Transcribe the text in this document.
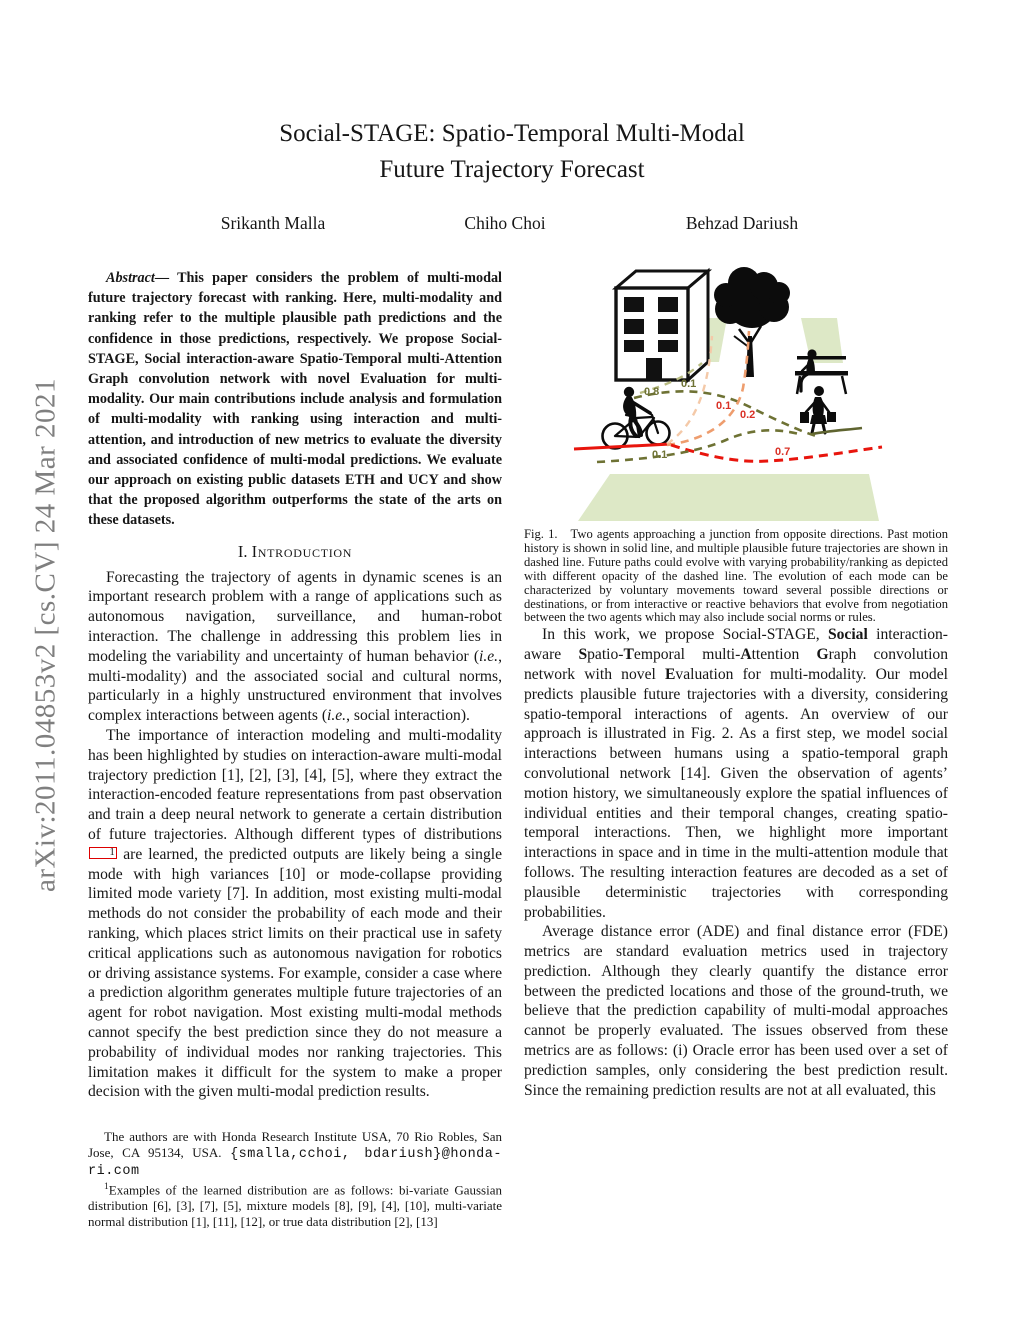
arXiv:2011.04853v2 [cs.CV] 24 Mar 2021
Social-STAGE: Spatio-Temporal Multi-Modal
Future Trajectory Forecast
Srikanth Malla	Chiho Choi	Behzad Dariush

Abstract— This paper considers the problem of multi-modal future trajectory forecast with ranking. Here, multi-modality and ranking refer to the multiple plausible path predictions and the confidence in those predictions, respectively. We propose Social-STAGE, Social interaction-aware Spatio-Temporal multi-Attention Graph convolution network with novel Evaluation for multi-modality. Our main contributions include analysis and formulation of multi-modality with ranking using interaction and multi-attention, and introduction of new metrics to evaluate the diversity and associated confidence of multi-modal predictions. We evaluate our approach on existing public datasets ETH and UCY and show that the proposed algorithm outperforms the state of the arts on these datasets.

I. Introduction

Forecasting the trajectory of agents in dynamic scenes is an important research problem with a range of applications such as autonomous navigation, surveillance, and human-robot interaction. The challenge in addressing this problem lies in modeling the variability and uncertainty of human behavior (i.e., multi-modality) and the associated social and cultural norms, particularly in a highly unstructured environment that involves complex interactions between agents (i.e., social interaction).

The importance of interaction modeling and multi-modality has been highlighted by studies on interaction-aware multi-modal trajectory prediction [1], [2], [3], [4], [5], where they extract the interaction-encoded feature representations from past observation and train a deep neural network to generate a certain distribution of future trajectories. Although different types of distributions1 are learned, the predicted outputs are likely being a single mode with high variances [10] or mode-collapse providing limited mode variety [7]. In addition, most existing multi-modal methods do not consider the probability of each mode and their ranking, which places strict limits on their practical use in safety critical applications such as autonomous navigation for robotics or driving assistance systems. For example, consider a case where a prediction algorithm generates multiple future trajectories of an agent for robot navigation. Most existing multi-modal methods cannot specify the best prediction since they do not measure a probability of individual modes nor ranking trajectories. This limitation makes it difficult for the system to make a proper decision with the given multi-modal prediction results.

The authors are with Honda Research Institute USA, 70 Rio Robles, San Jose, CA 95134, USA. {smalla,cchoi, bdariush}@honda-ri.com

$^1$Examples of the learned distribution are as follows: bi-variate Gaussian distribution [6], [3], [7], [5], mixture models [8], [9], [4], [10], multi-variate normal distribution [1], [11], [12], or true data distribution [2], [13]

0.8
0.1
0.1
0.2
0.1	0.7

Fig. 1. Two agents approaching a junction from opposite directions. Past motion history is shown in solid line, and multiple plausible future trajectories are shown in dashed line. Future paths could evolve with varying probability/ranking as depicted with different opacity of the dashed line. The evolution of each mode can be characterized by voluntary movements toward several possible directions or destinations, or from interactive or reactive behaviors that evolve from negotiation between the two agents which may also include social norms or rules.

In this work, we propose Social-STAGE, Social interaction-aware Spatio-Temporal multi-Attention Graph convolution network with novel Evaluation for multi-modality. Our model predicts plausible future trajectories with a diversity, considering spatio-temporal interactions of agents. An overview of our approach is illustrated in Fig. 2. As a first step, we model social interactions between humans using a spatio-temporal graph convolutional network [14]. Given the observation of agents’ motion history, we simultaneously explore the spatial influences of individual entities and their temporal changes, creating spatio-temporal interactions. Then, we highlight more important interactions in space and in time in the multi-attention module that follows. The resulting interaction features are decoded as a set of plausible deterministic trajectories with corresponding probabilities.

Average distance error (ADE) and final distance error (FDE) metrics are standard evaluation metrics used in trajectory prediction. Although they clearly quantify the distance error between the predicted locations and those of the ground-truth, we believe that the prediction capability of multi-modal approaches cannot be properly evaluated. The issues observed from these metrics are as follows: (i) Oracle error has been used over a set of prediction samples, only considering the best prediction result. Since the remaining prediction results are not at all evaluated, this
